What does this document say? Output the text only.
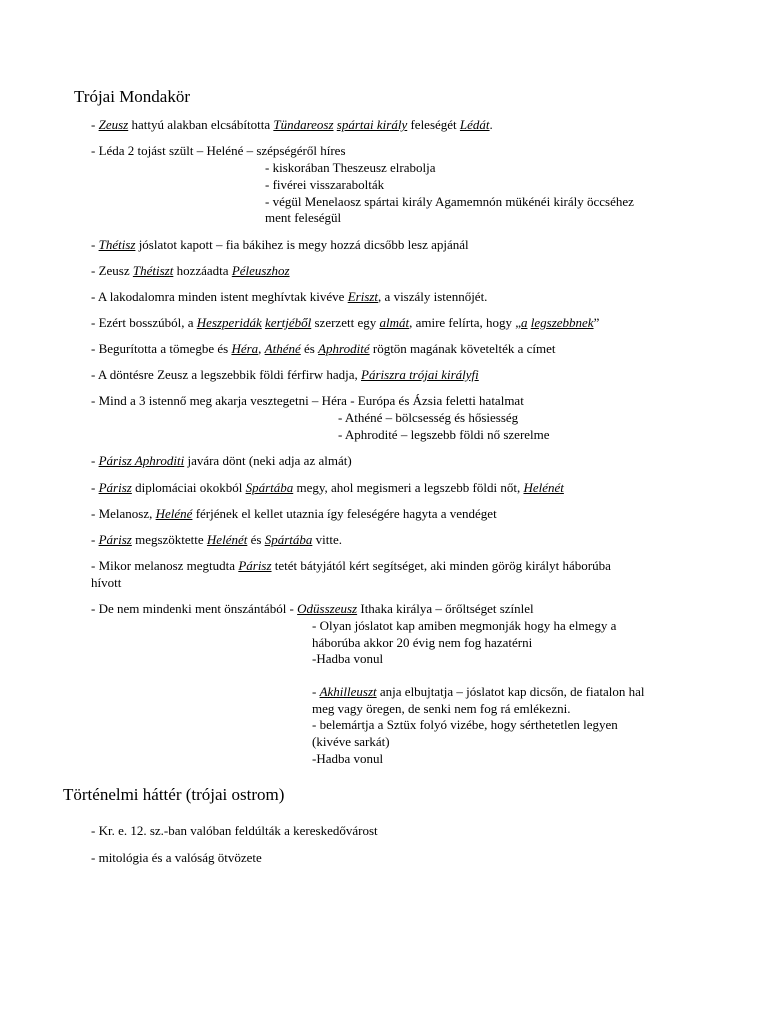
Trójai Mondakör
- Zeusz hattyú alakban elcsábította Tündareosz spártai király feleségét Lédát.
- Léda 2 tojást szült – Heléné – szépségéről híres
- kiskorában Theszeusz elrabolja
- fivérei visszarabolták
- végül Menelaosz spártai király Agamemnón mükénéi király öccséhez
ment feleségül
- Thétisz jóslatot kapott – fia bákihez is megy hozzá dicsőbb lesz apjánál
- Zeusz Thétiszt hozzáadta Péleuszhoz
- A lakodalomra minden istent meghívtak kivéve Eriszt, a viszály istennőjét.
- Ezért bosszúból, a Heszperidák kertjéből szerzett egy almát, amire felírta, hogy „a legszebbnek”
- Begurította a tömegbe és Héra, Athéné és Aphrodité rögtön magának követelték a címet
- A döntésre Zeusz a legszebbik földi férfirw hadja, Páriszra trójai királyfi
- Mind a 3 istennő meg akarja vesztegetni – Héra - Európa és Ázsia feletti hatalmat
- Athéné – bölcsesség és hősiesség
- Aphrodité – legszebb földi nő szerelme
- Párisz Aphroditi javára dönt (neki adja az almát)
- Párisz diplomáciai okokból Spártába megy, ahol megismeri a legszebb földi nőt, Helénét
- Melanosz, Heléné férjének el kellet utaznia így feleségére hagyta a vendéget
- Párisz megszöktette Helénét és Spártába vitte.
- Mikor melanosz megtudta Párisz tetét bátyjától kért segítséget, aki minden görög királyt háborúba
hívott
- De nem mindenki ment önszántából - Odüsszeusz Ithaka királya – őrőltséget színlel
- Olyan jóslatot kap amiben megmonják hogy ha elmegy a
háborúba akkor 20 évig nem fog hazatérni
-Hadba vonul
- Akhilleuszt anja elbujtatja – jóslatot kap dicsőn, de fiatalon hal
meg vagy öregen, de senki nem fog rá emlékezni.
- belemártja a Sztüx folyó vizébe, hogy sérthetetlen legyen
(kivéve sarkát)
-Hadba vonul
Történelmi háttér (trójai ostrom)
- Kr. e. 12. sz.-ban valóban feldúlták a kereskedővárost
- mitológia és a valóság ötvözete
